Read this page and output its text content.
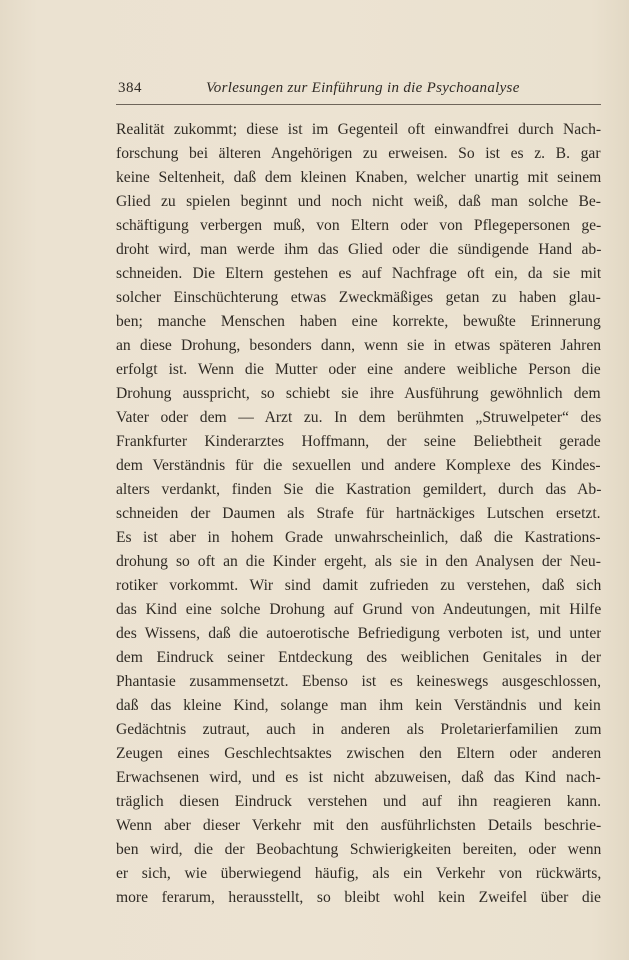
384	Vorlesungen zur Einführung in die Psychoanalyse
Realität zukommt; diese ist im Gegenteil oft einwandfrei durch Nach-
forschung bei älteren Angehörigen zu erweisen. So ist es z. B. gar
keine Seltenheit, daß dem kleinen Knaben, welcher unartig mit seinem
Glied zu spielen beginnt und noch nicht weiß, daß man solche Be-
schäftigung verbergen muß, von Eltern oder von Pflegepersonen ge-
droht wird, man werde ihm das Glied oder die sündigende Hand ab-
schneiden. Die Eltern gestehen es auf Nachfrage oft ein, da sie mit
solcher Einschüchterung etwas Zweckmäßiges getan zu haben glau-
ben; manche Menschen haben eine korrekte, bewußte Erinnerung
an diese Drohung, besonders dann, wenn sie in etwas späteren Jahren
erfolgt ist. Wenn die Mutter oder eine andere weibliche Person die
Drohung ausspricht, so schiebt sie ihre Ausführung gewöhnlich dem
Vater oder dem — Arzt zu. In dem berühmten „Struwelpeter“ des
Frankfurter Kinderarztes Hoffmann, der seine Beliebtheit gerade
dem Verständnis für die sexuellen und andere Komplexe des Kindes-
alters verdankt, finden Sie die Kastration gemildert, durch das Ab-
schneiden der Daumen als Strafe für hartnäckiges Lutschen ersetzt.
Es ist aber in hohem Grade unwahrscheinlich, daß die Kastrations-
drohung so oft an die Kinder ergeht, als sie in den Analysen der Neu-
rotiker vorkommt. Wir sind damit zufrieden zu verstehen, daß sich
das Kind eine solche Drohung auf Grund von Andeutungen, mit Hilfe
des Wissens, daß die autoerotische Befriedigung verboten ist, und unter
dem Eindruck seiner Entdeckung des weiblichen Genitales in der
Phantasie zusammensetzt. Ebenso ist es keineswegs ausgeschlossen,
daß das kleine Kind, solange man ihm kein Verständnis und kein
Gedächtnis zutraut, auch in anderen als Proletarierfamilien zum
Zeugen eines Geschlechtsaktes zwischen den Eltern oder anderen
Erwachsenen wird, und es ist nicht abzuweisen, daß das Kind nach-
träglich diesen Eindruck verstehen und auf ihn reagieren kann.
Wenn aber dieser Verkehr mit den ausführlichsten Details beschrie-
ben wird, die der Beobachtung Schwierigkeiten bereiten, oder wenn
er sich, wie überwiegend häufig, als ein Verkehr von rückwärts,
more ferarum, herausstellt, so bleibt wohl kein Zweifel über die
